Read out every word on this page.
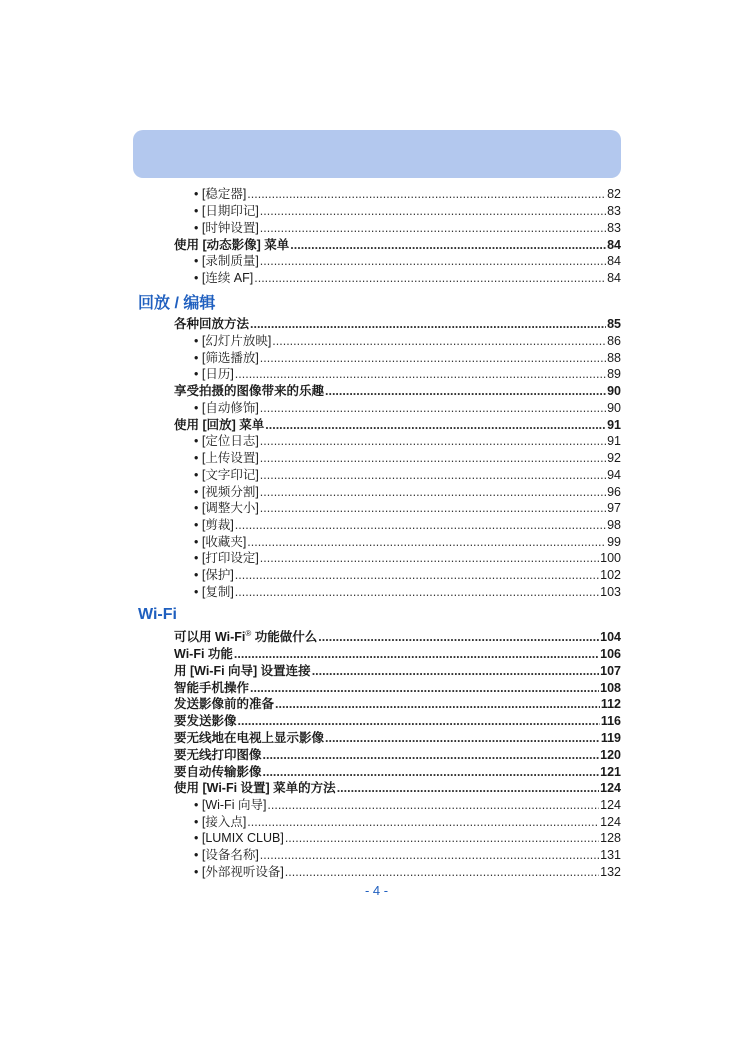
• [稳定器] .....	82
• [日期印记] .....	83
• [时钟设置] .....	83
使用 [动态影像] 菜单 .....	84
• [录制质量] .....	84
• [连续 AF] .....	84
回放 / 编辑
各种回放方法 .....	85
• [幻灯片放映] .....	86
• [筛选播放] .....	88
• [日历] .....	89
享受拍摄的图像带来的乐趣 .....	90
• [自动修饰] .....	90
使用 [回放] 菜单 .....	91
• [定位日志] .....	91
• [上传设置] .....	92
• [文字印记] .....	94
• [视频分割] .....	96
• [调整大小] .....	97
• [剪裁] .....	98
• [收藏夹] .....	99
• [打印设定] .....	100
• [保护] .....	102
• [复制] .....	103
Wi-Fi
可以用 Wi-Fi® 功能做什么 .....	104
Wi-Fi 功能 .....	106
用 [Wi-Fi 向导] 设置连接 .....	107
智能手机操作 .....	108
发送影像前的准备 .....	112
要发送影像 .....	116
要无线地在电视上显示影像 .....	119
要无线打印图像 .....	120
要自动传输影像 .....	121
使用 [Wi-Fi 设置] 菜单的方法 .....	124
• [Wi-Fi 向导] .....	124
• [接入点] .....	124
• [LUMIX CLUB] .....	128
• [设备名称] .....	131
• [外部视听设备] .....	132
- 4 -
